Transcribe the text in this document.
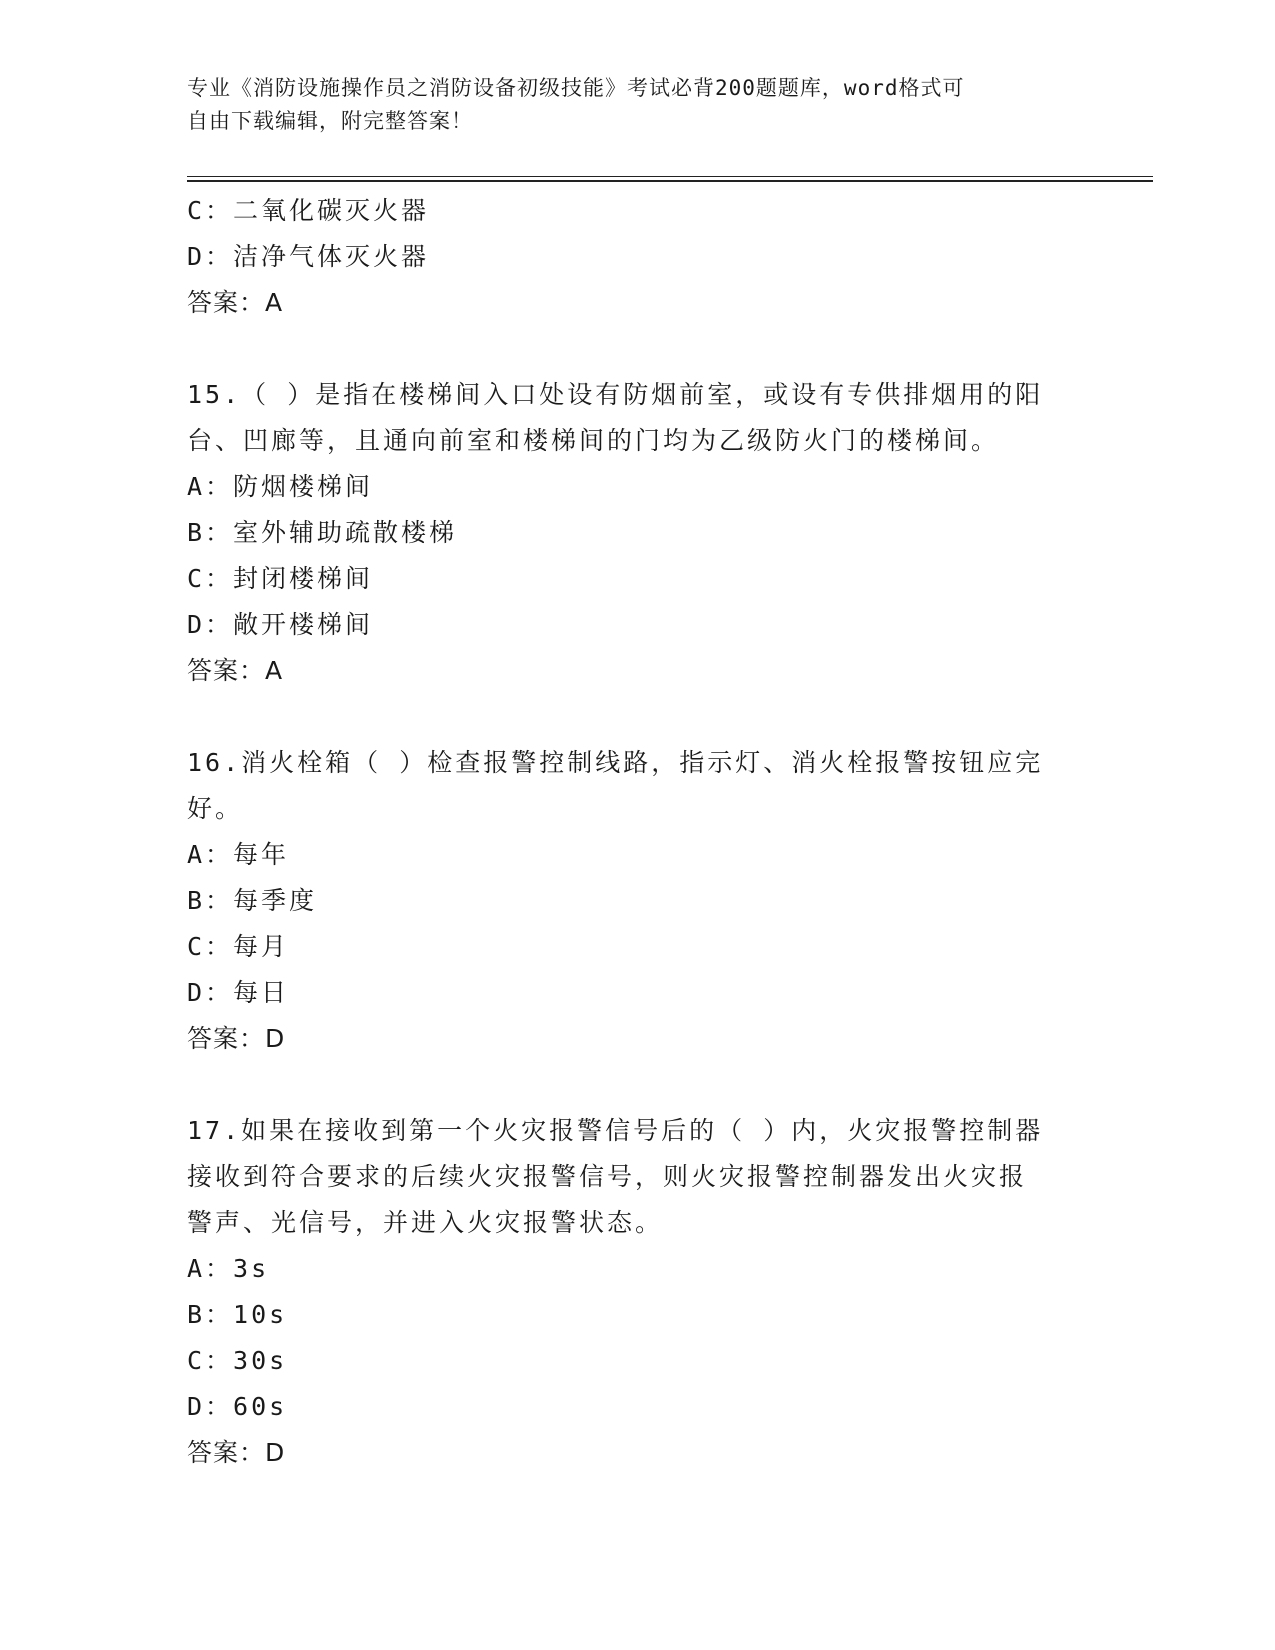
专业《消防设施操作员之消防设备初级技能》考试必背200题题库，word格式可
自由下载编辑，附完整答案！
C：二氧化碳灭火器
D：洁净气体灭火器
答案：A
15.（ ）是指在楼梯间入口处设有防烟前室，或设有专供排烟用的阳
台、凹廊等，且通向前室和楼梯间的门均为乙级防火门的楼梯间。
A：防烟楼梯间
B：室外辅助疏散楼梯
C：封闭楼梯间
D：敞开楼梯间
答案：A
16.消火栓箱（ ）检查报警控制线路，指示灯、消火栓报警按钮应完
好。
A：每年
B：每季度
C：每月
D：每日
答案：D
17.如果在接收到第一个火灾报警信号后的（ ）内，火灾报警控制器
接收到符合要求的后续火灾报警信号，则火灾报警控制器发出火灾报
警声、光信号，并进入火灾报警状态。
A：3s
B：10s
C：30s
D：60s
答案：D
